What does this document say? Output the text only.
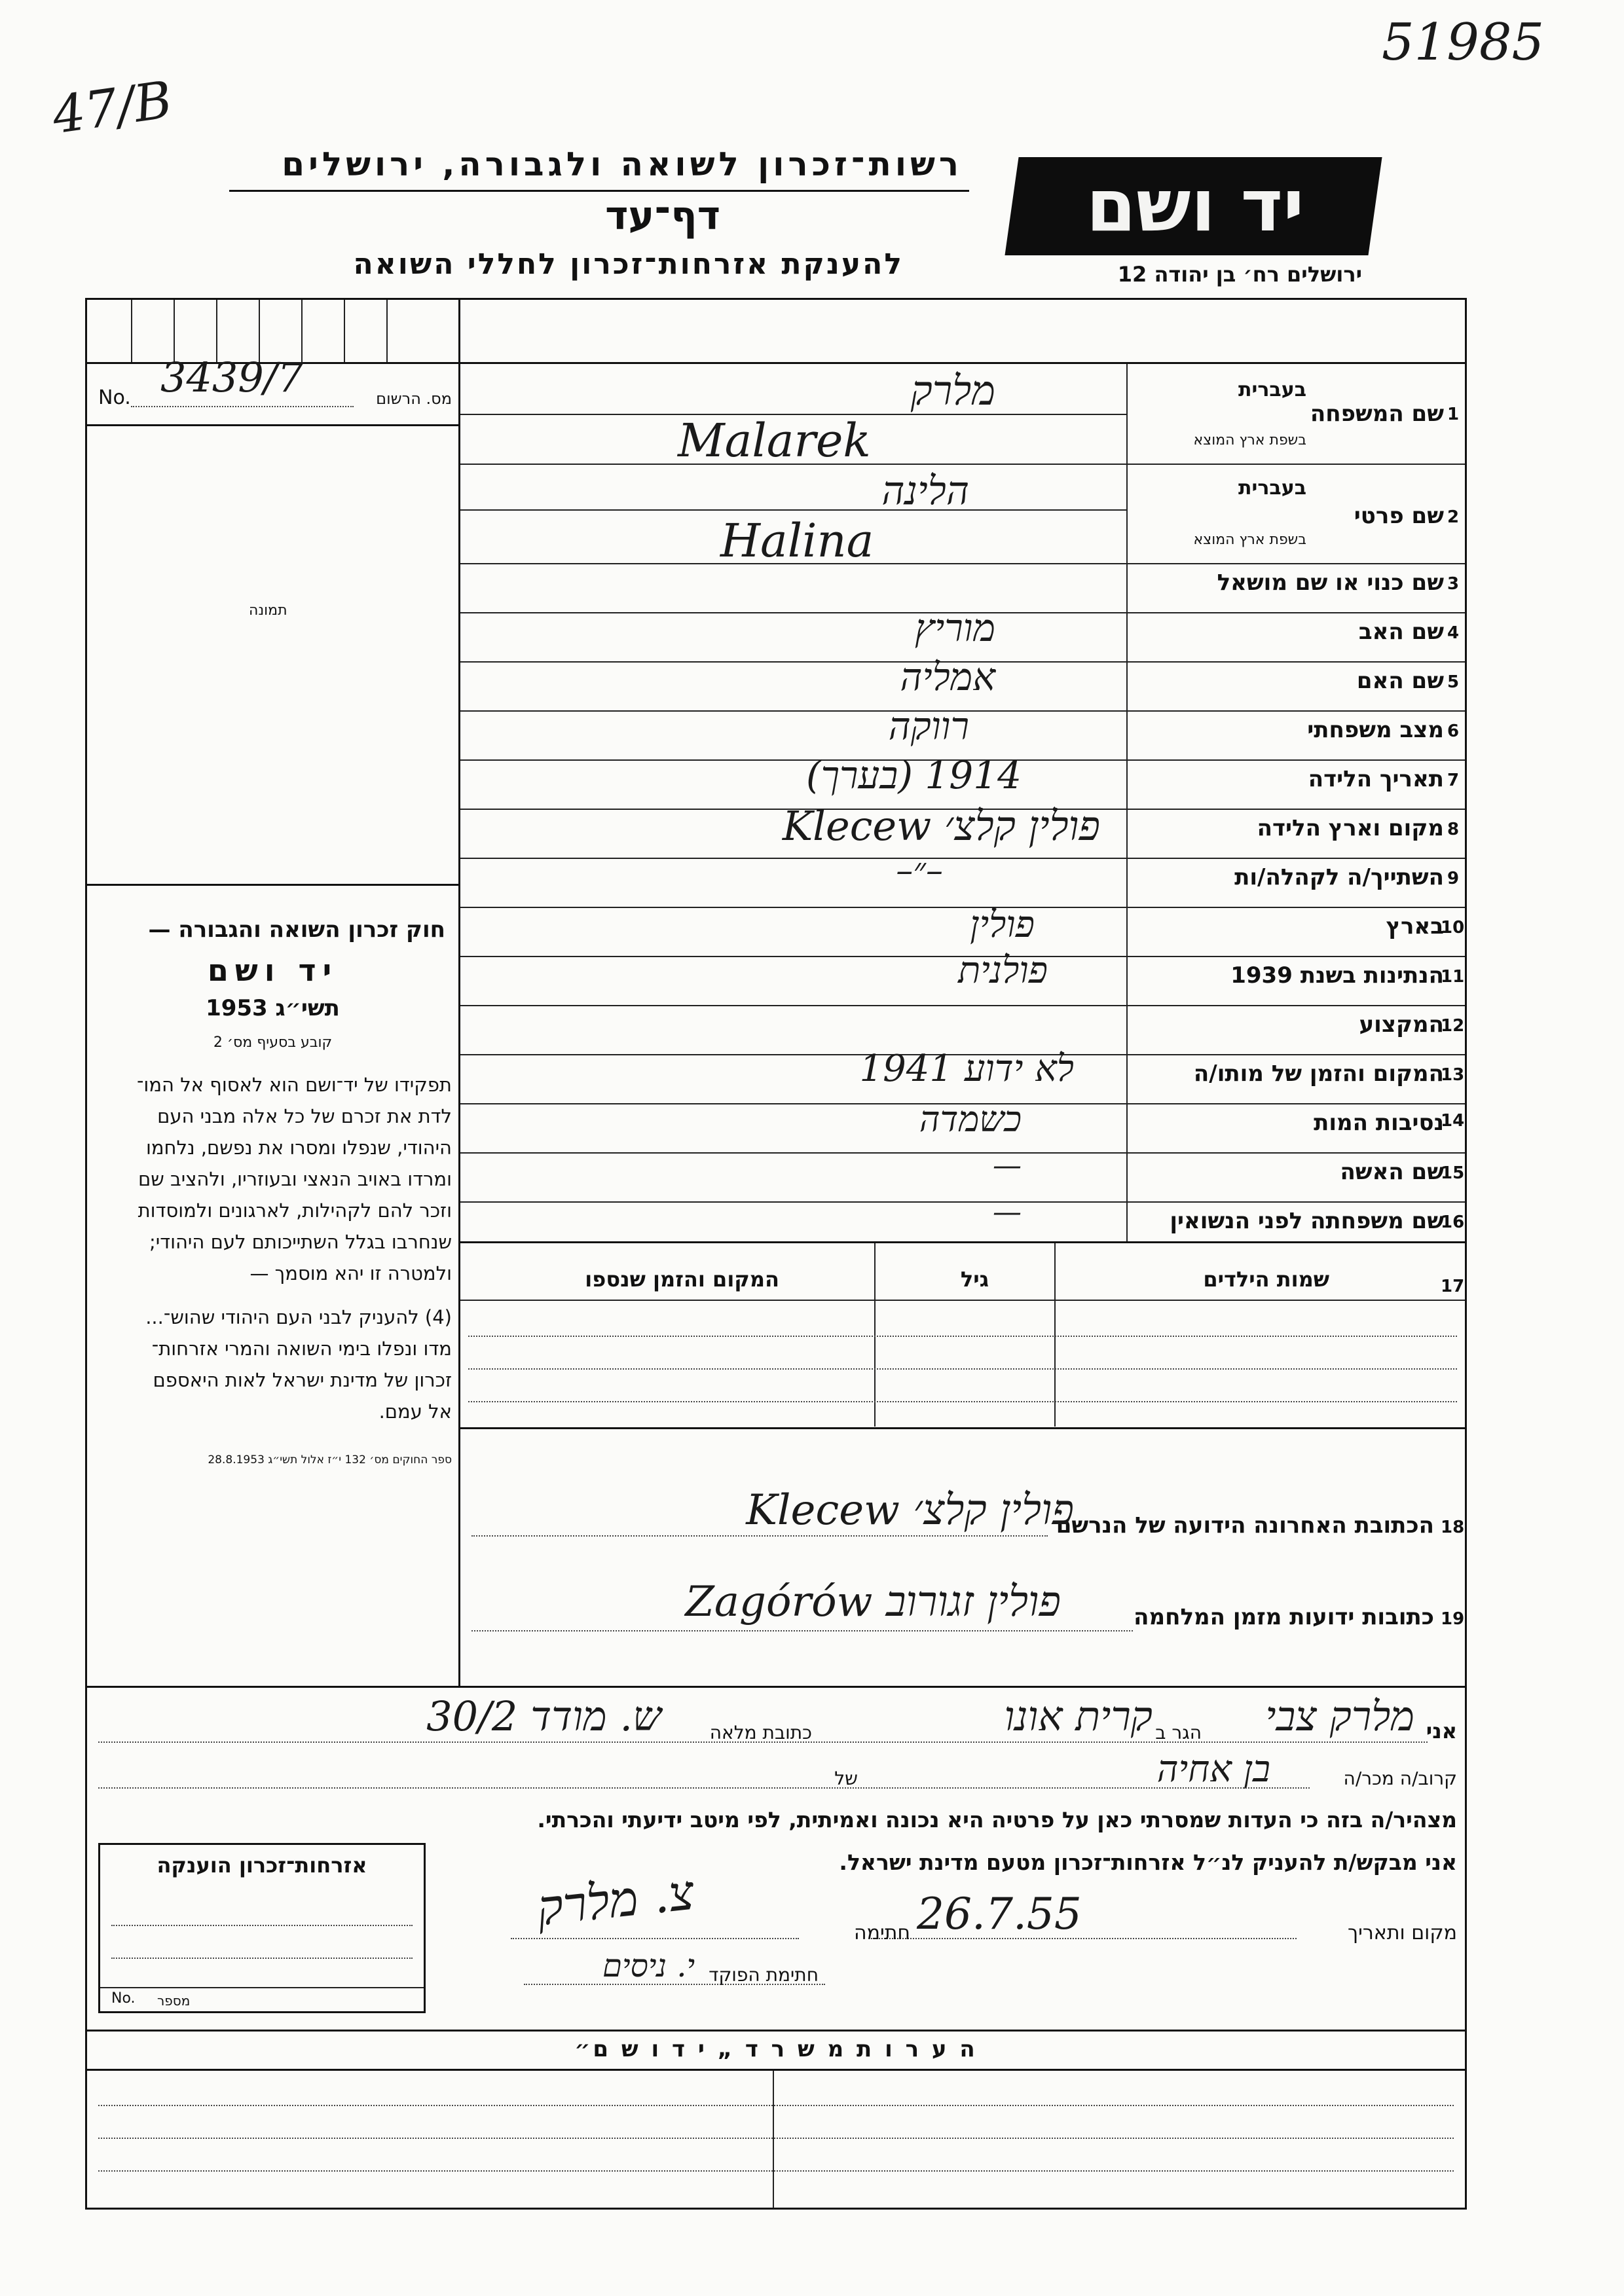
51985
47/B
רשות־זכרון לשואה ולגבורה, ירושלים
דף־עד
להענקת אזרחות־זכרון לחללי השואה
יד ושם
ירושלים רח׳ בן יהודה 12
מס. הרשום
No. 3439/7
תמונה
חוק זכרון השואה והגבורה —
יד ושם
תשי״ג 1953
קובע בסעיף מס׳ 2
תפקידו של יד־ושם הוא לאסוף אל המו־
לדת את זכרם של כל אלה מבני העם
היהודי, שנפלו ומסרו את נפשם, נלחמו
ומרדו באויב הנאצי ובעוזריו, ולהציב שם
וזכר להם לקהילות, לארגונים ולמוסדות
שנחרבו בגלל השתייכותם לעם היהודי;
ולמטרה זו יהא מוסמך —
(4) להעניק לבני העם היהודי שהוש־...
מדו ונפלו בימי השואה והמרי אזרחות־
זכרון של מדינת ישראל לאות היאספם
אל עמם.
ספר החוקים מס׳ 132 י״ז אלול תשי״ג 28.8.1953
1
שם המשפחה
בעברית
בשפת ארץ המוצא
מלרק
Malarek
2
שם פרטי
בעברית
בשפת ארץ המוצא
הלינה
Halina
3
שם כנוי או שם מושאל
4
שם האב
מוריץ
5
שם האם
אמליה
6
מצב משפחתי
רווקה
7
תאריך הלידה
1914 (בערך)
8
מקום וארץ הלידה
פולין קלצ׳ Klecew
9
השתייך/ה לקהלה/ות
–״–
10
בארץ
פולין
11
הנתינות בשנת 1939
פולנית
12
המקצוע
13
המקום והזמן של מותו/ה
לא ידוע 1941
14
נסיבות המות
כשמדה
15
שם האשה
—
16
שם משפחתה לפני הנשואין
—
17
שמות הילדים
גיל
המקום והזמן שנספו
18
הכתובת האחרונה הידועה של הנרשם
פולין קלצ׳ Klecew
19
כתובות ידועות מזמן המלחמה
פולין זגורוב Zagórów
אני
מלרק צבי
הגר ב
קרית אונו
כתובת מלאה
ש. מודד 30/2
קרוב/ה מכר/ה
בן אחיה
של
מצהיר/ה בזה כי העדות שמסרתי כאן על פרטיה היא נכונה ואמיתית, לפי מיטב ידיעתי והכרתי.
אני מבקש/ת להעניק לנ״ל אזרחות־זכרון מטעם מדינת ישראל.
מקום ותאריך
26.7.55
חתימה
צ. מלרק
חתימת הפוקד
י. ניסים
אזרחות־זכרון הוענקה
No. מספר
ה ע ר ו ת מ ש ר ד „ י ד ו ש ם״
